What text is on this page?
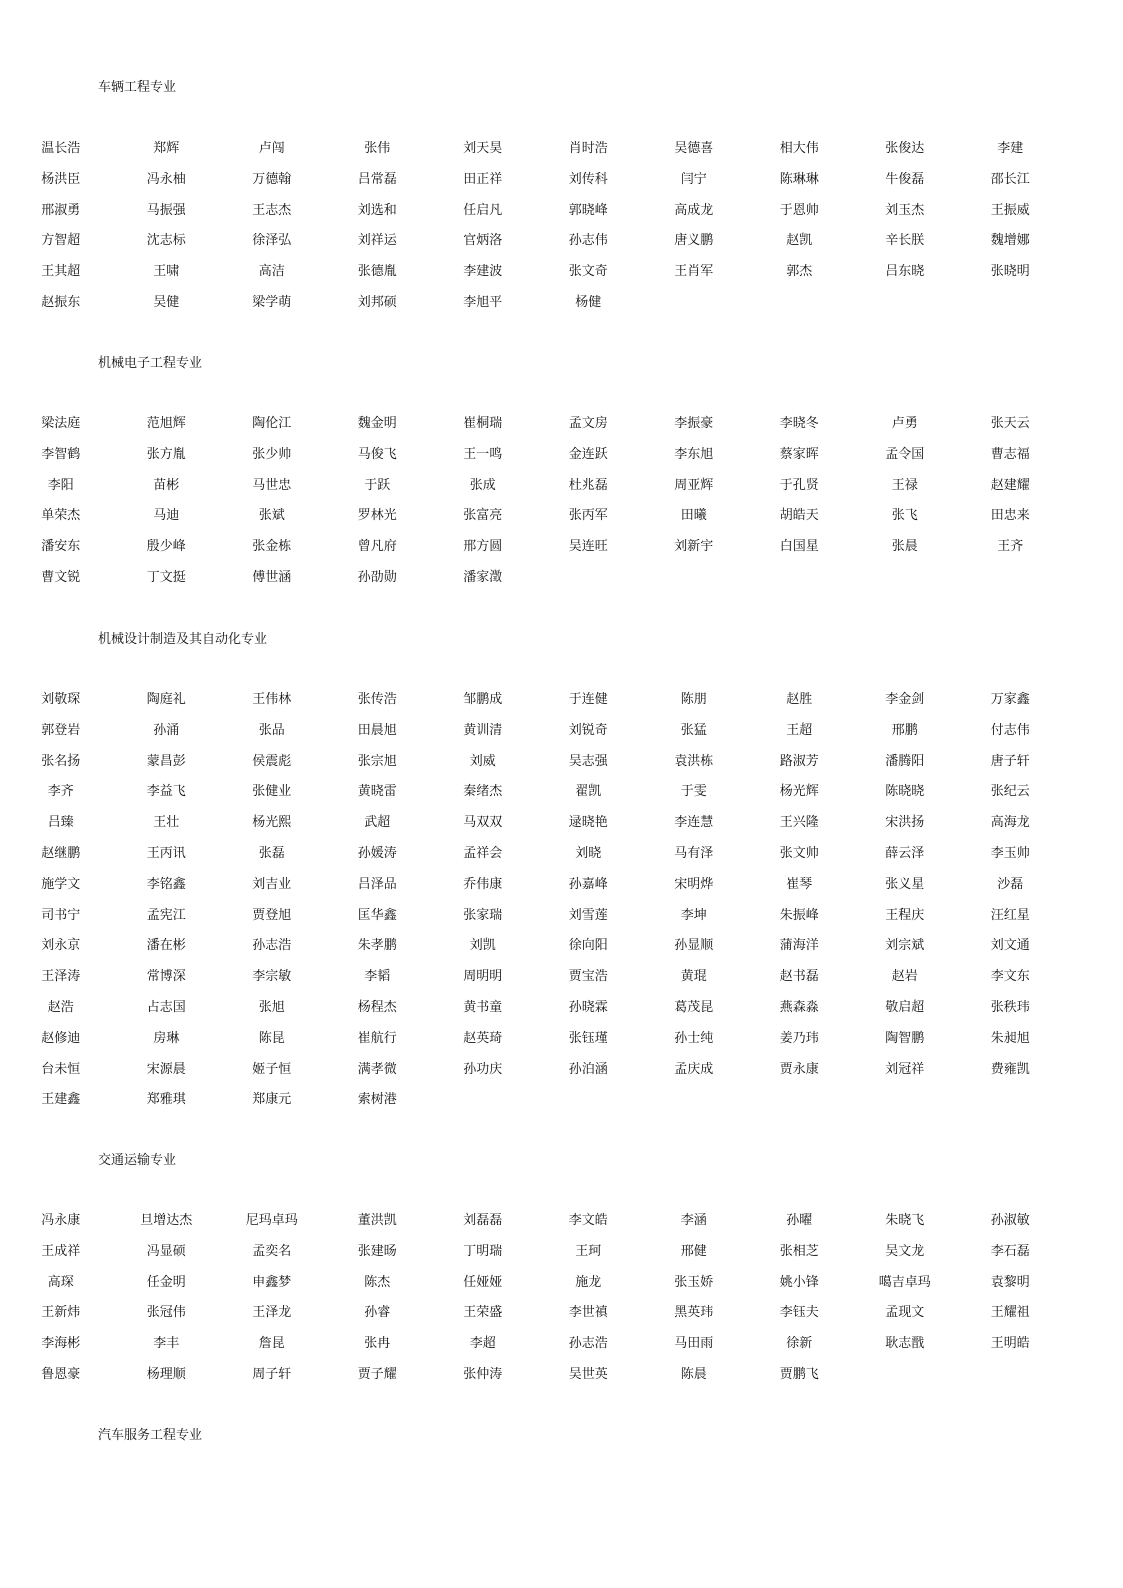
车辆工程专业
温长浩	郑辉	卢闯	张伟	刘天昊	肖时浩	吴德喜	相大伟	张俊达	李建
杨洪臣	冯永柚	万德翰	吕常磊	田正祥	刘传科	闫宁	陈琳琳	牛俊磊	邵长江
邢淑勇	马振强	王志杰	刘选和	任启凡	郭晓峰	高成龙	于恩帅	刘玉杰	王振威
方智超	沈志标	徐泽弘	刘祥运	官炳洛	孙志伟	唐义鹏	赵凯	辛长朕	魏增娜
王其超	王啸	高洁	张德胤	李建波	张文奇	王肖军	郭杰	吕东晓	张晓明
赵振东	吴健	梁学萌	刘邦硕	李旭平	杨健
机械电子工程专业
梁法庭	范旭辉	陶伦江	魏金明	崔桐瑞	孟文房	李振豪	李晓冬	卢勇	张天云
李智鹤	张方胤	张少帅	马俊飞	王一鸣	金连跃	李东旭	蔡家晖	孟令国	曹志福
李阳	苗彬	马世忠	于跃	张成	杜兆磊	周亚辉	于孔贤	王禄	赵建耀
单荣杰	马迪	张斌	罗林光	张富亮	张丙军	田曦	胡皓天	张飞	田忠来
潘安东	殷少峰	张金栋	曾凡府	邢方圆	吴连旺	刘新宇	白国星	张晨	王齐
曹文锐	丁文挺	傅世涵	孙劭勋	潘家澂
机械设计制造及其自动化专业
刘敬琛	陶庭礼	王伟林	张传浩	邹鹏成	于连健	陈朋	赵胜	李金剑	万家鑫
郭登岩	孙涌	张品	田晨旭	黄训清	刘锐奇	张猛	王超	邢鹏	付志伟
张名扬	蒙昌彭	侯震彪	张宗旭	刘威	吴志强	袁洪栋	路淑芳	潘腾阳	唐子轩
李齐	李益飞	张健业	黄晓雷	秦绪杰	翟凯	于雯	杨光辉	陈晓晓	张纪云
吕臻	王壮	杨光熙	武超	马双双	逯晓艳	李连慧	王兴隆	宋洪扬	高海龙
赵继鹏	王丙讯	张磊	孙媛涛	孟祥会	刘晓	马有泽	张文帅	薛云泽	李玉帅
施学文	李铭鑫	刘吉业	吕泽品	乔伟康	孙嘉峰	宋明烨	崔琴	张义星	沙磊
司书宁	孟宪江	贾登旭	匡华鑫	张家瑞	刘雪莲	李坤	朱振峰	王程庆	汪红星
刘永京	潘在彬	孙志浩	朱孝鹏	刘凯	徐向阳	孙显顺	蒲海洋	刘宗斌	刘文通
王泽涛	常博深	李宗敏	李韬	周明明	贾宝浩	黄琨	赵书磊	赵岩	李文东
赵浩	占志国	张旭	杨程杰	黄书童	孙晓霖	葛茂昆	燕森淼	敬启超	张秩玮
赵修迪	房琳	陈昆	崔航行	赵英琦	张钰瑾	孙士纯	姜乃玮	陶智鹏	朱昶旭
台未恒	宋源晨	姬子恒	满孝微	孙功庆	孙泊涵	孟庆成	贾永康	刘冠祥	费雍凯
王建鑫	郑雅琪	郑康元	索树港
交通运输专业
冯永康	旦增达杰	尼玛卓玛	董洪凯	刘磊磊	李文皓	李涵	孙曜	朱晓飞	孙淑敏
王成祥	冯显硕	孟奕名	张建旸	丁明瑞	王珂	邢健	张相芝	吴文龙	李石磊
高琛	任金明	申鑫梦	陈杰	任娅娅	施龙	张玉娇	姚小锋	噶吉卓玛	袁黎明
王新炜	张冠伟	王泽龙	孙睿	王荣盛	李世禛	黑英玮	李钰夫	孟现文	王耀祖
李海彬	李丰	詹昆	张冉	李超	孙志浩	马田雨	徐新	耿志戬	王明皓
鲁恩豪	杨理顺	周子轩	贾子耀	张仲涛	吴世英	陈晨	贾鹏飞
汽车服务工程专业
